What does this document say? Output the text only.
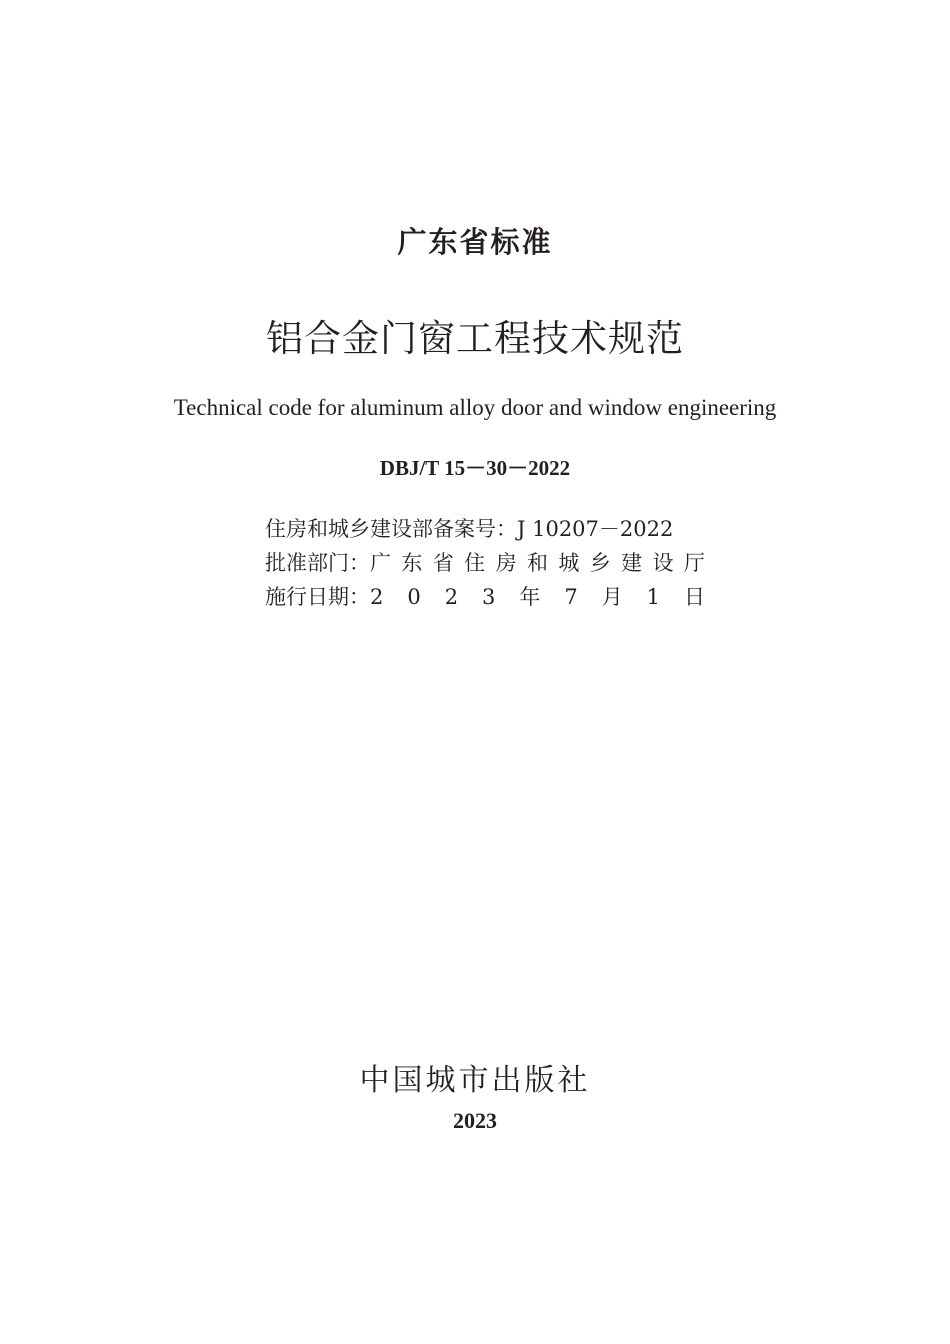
广东省标准
铝合金门窗工程技术规范
Technical code for aluminum alloy door and window engineering
DBJ/T 15－30－2022
住房和城乡建设部备案号： J 10207－2022
批准部门： 广 东 省 住 房 和 城 乡 建 设 厅
施行日期： 2 0 2 3 年 7 月 1 日
中国城市出版社
2023
